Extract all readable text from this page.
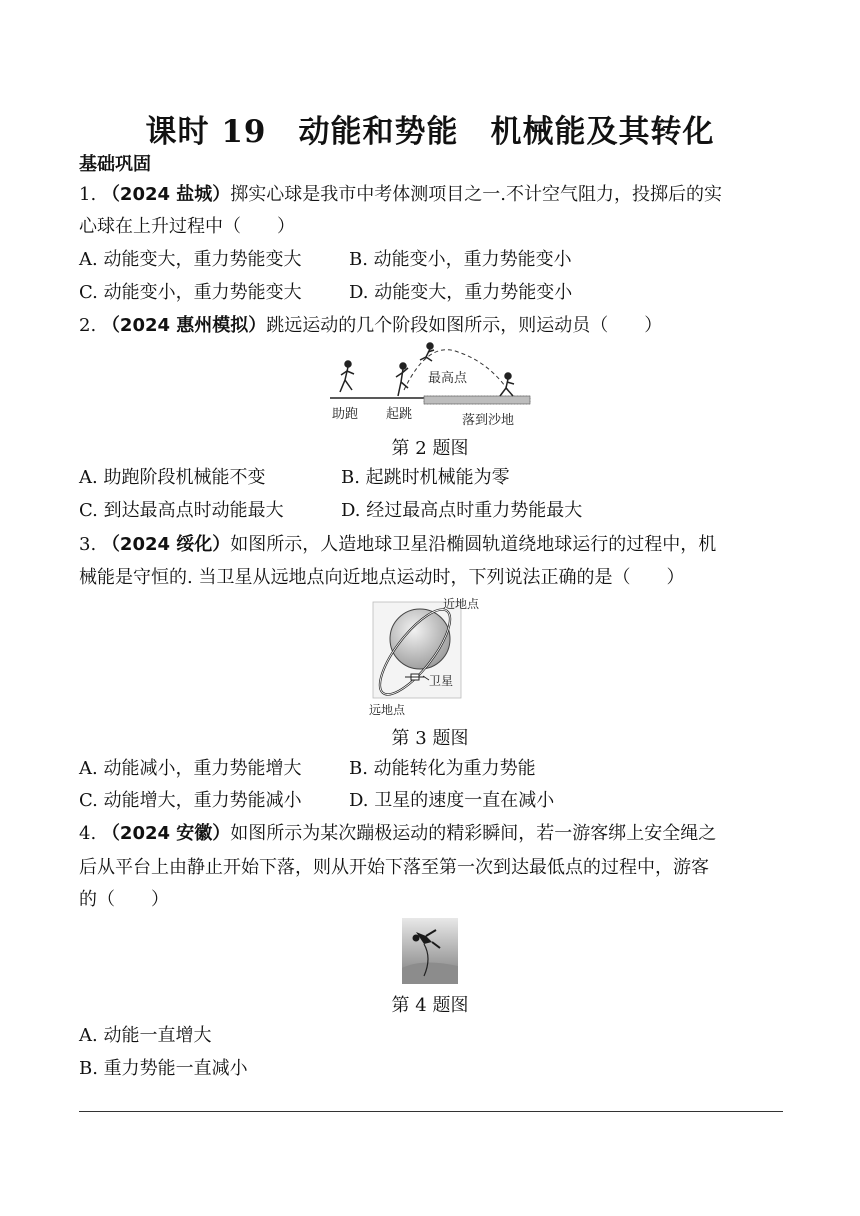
课时 19　动能和势能　机械能及其转化
基础巩固
1. （2024 盐城）掷实心球是我市中考体测项目之一.不计空气阻力，投掷后的实
心球在上升过程中（　　）
A. 动能变大，重力势能变大	B. 动能变小，重力势能变小
C. 动能变小，重力势能变大	D. 动能变大，重力势能变小
2. （2024 惠州模拟）跳远运动的几个阶段如图所示，则运动员（　　）
最高点
助跑 起跳	落到沙地
第 2 题图
A. 助跑阶段机械能不变	B. 起跳时机械能为零
C. 到达最高点时动能最大	D. 经过最高点时重力势能最大
3. （2024 绥化）如图所示，人造地球卫星沿椭圆轨道绕地球运行的过程中，机
械能是守恒的. 当卫星从远地点向近地点运动时，下列说法正确的是（　　）
近地点
卫星
远地点
第 3 题图
A. 动能减小，重力势能增大	B. 动能转化为重力势能
C. 动能增大，重力势能减小	D. 卫星的速度一直在减小
4. （2024 安徽）如图所示为某次蹦极运动的精彩瞬间，若一游客绑上安全绳之
后从平台上由静止开始下落，则从开始下落至第一次到达最低点的过程中，游客
的（　　）
第 4 题图
A. 动能一直增大
B. 重力势能一直减小
